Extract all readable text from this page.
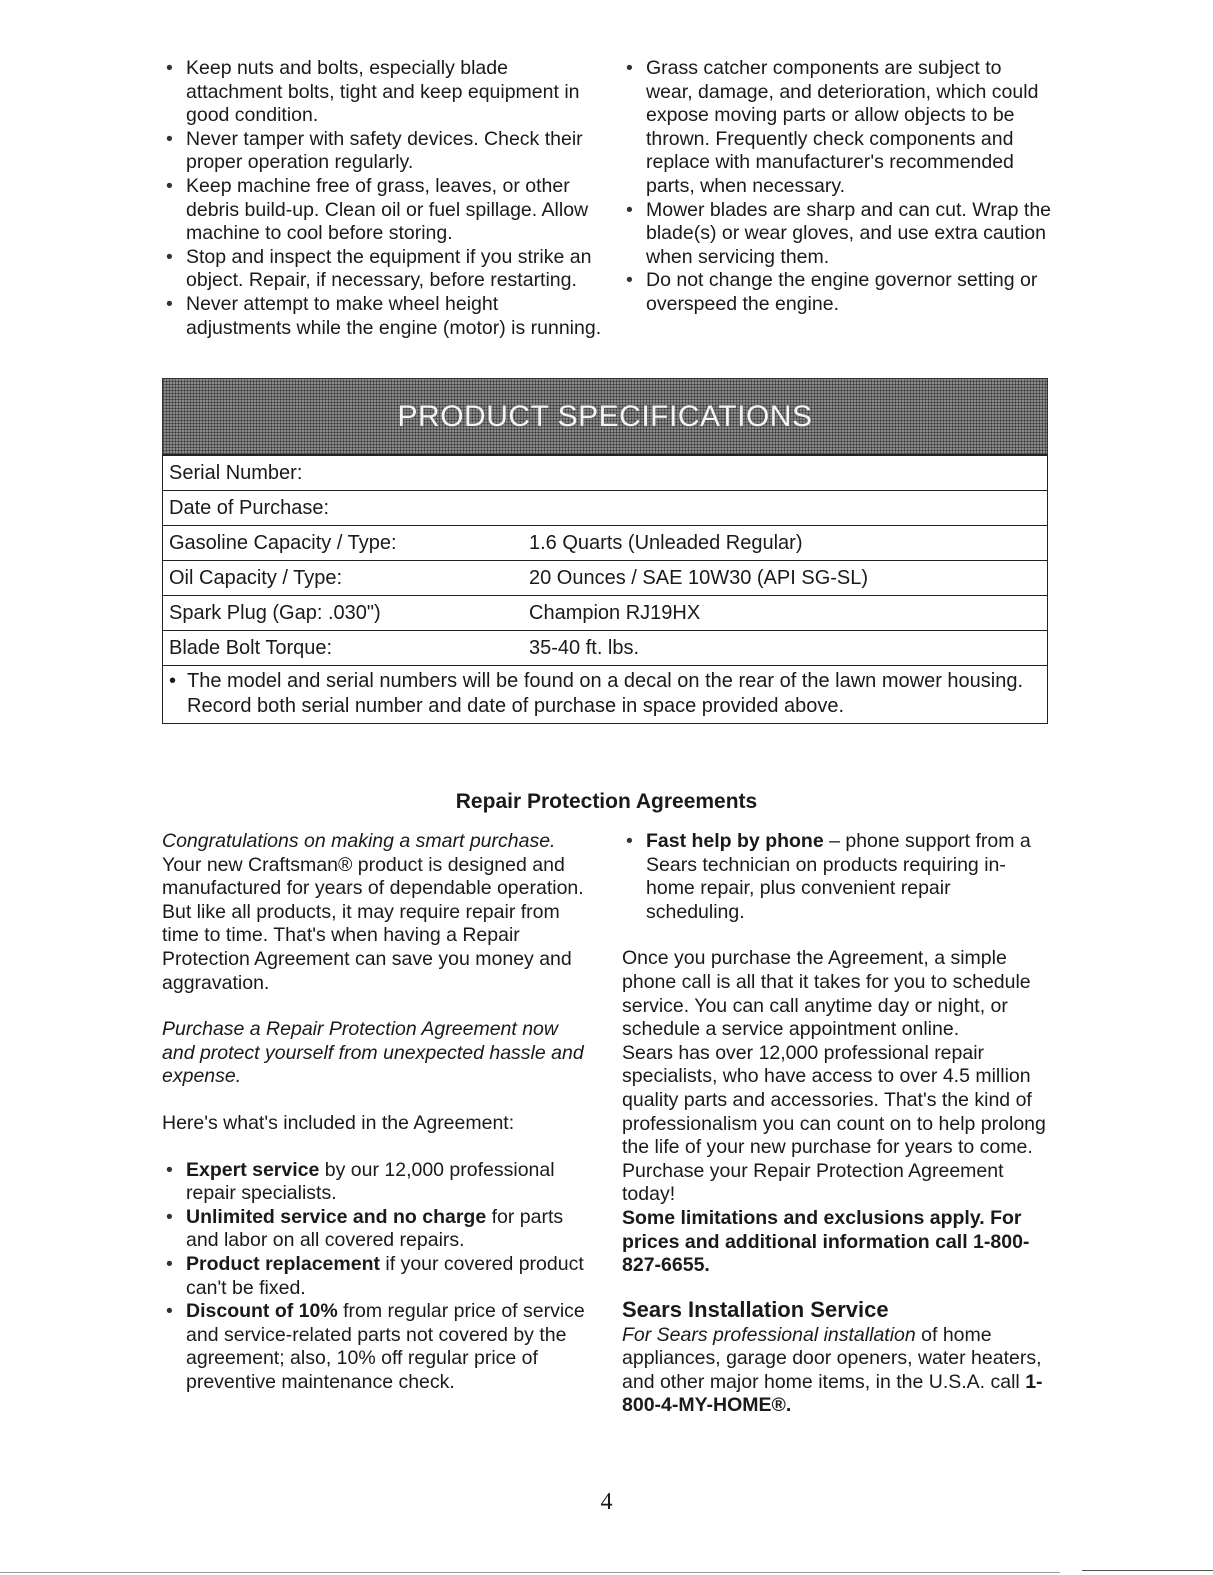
• Keep nuts and bolts, especially blade attachment bolts, tight and keep equipment in good condition.
• Never tamper with safety devices. Check their proper operation regularly.
• Keep machine free of grass, leaves, or other debris build-up. Clean oil or fuel spillage. Allow machine to cool before storing.
• Stop and inspect the equipment if you strike an object. Repair, if necessary, before restarting.
• Never attempt to make wheel height adjustments while the engine (motor) is running.
• Grass catcher components are subject to wear, damage, and deterioration, which could expose moving parts or allow objects to be thrown. Frequently check components and replace with manufacturer's recommended parts, when necessary.
• Mower blades are sharp and can cut. Wrap the blade(s) or wear gloves, and use extra caution when servicing them.
• Do not change the engine governor setting or overspeed the engine.
PRODUCT SPECIFICATIONS
Serial Number:	
Date of Purchase:	
Gasoline Capacity / Type:	1.6 Quarts (Unleaded Regular)
Oil Capacity / Type:	20 Ounces / SAE 10W30 (API SG-SL)
Spark Plug (Gap: .030")	Champion RJ19HX
Blade Bolt Torque:	35-40 ft. lbs.
• The model and serial numbers will be found on a decal on the rear of the lawn mower housing. Record both serial number and date of purchase in space provided above.
Repair Protection Agreements

Congratulations on making a smart purchase. Your new Craftsman® product is designed and manufactured for years of dependable operation. But like all products, it may require repair from time to time. That's when having a Repair Protection Agreement can save you money and aggravation.

Purchase a Repair Protection Agreement now and protect yourself from unexpected hassle and expense.

Here's what's included in the Agreement:

• Expert service by our 12,000 professional repair specialists.
• Unlimited service and no charge for parts and labor on all covered repairs.
• Product replacement if your covered product can't be fixed.
• Discount of 10% from regular price of service and service-related parts not covered by the agreement; also, 10% off regular price of preventive maintenance check.
• Fast help by phone – phone support from a Sears technician on products requiring in-home repair, plus convenient repair scheduling.

Once you purchase the Agreement, a simple phone call is all that it takes for you to schedule service. You can call anytime day or night, or schedule a service appointment online.

Sears has over 12,000 professional repair specialists, who have access to over 4.5 million quality parts and accessories. That's the kind of professionalism you can count on to help prolong the life of your new purchase for years to come. Purchase your Repair Protection Agreement today!

Some limitations and exclusions apply. For prices and additional information call 1-800-827-6655.

Sears Installation Service

For Sears professional installation of home appliances, garage door openers, water heaters, and other major home items, in the U.S.A. call 1-800-4-MY-HOME®.

4
